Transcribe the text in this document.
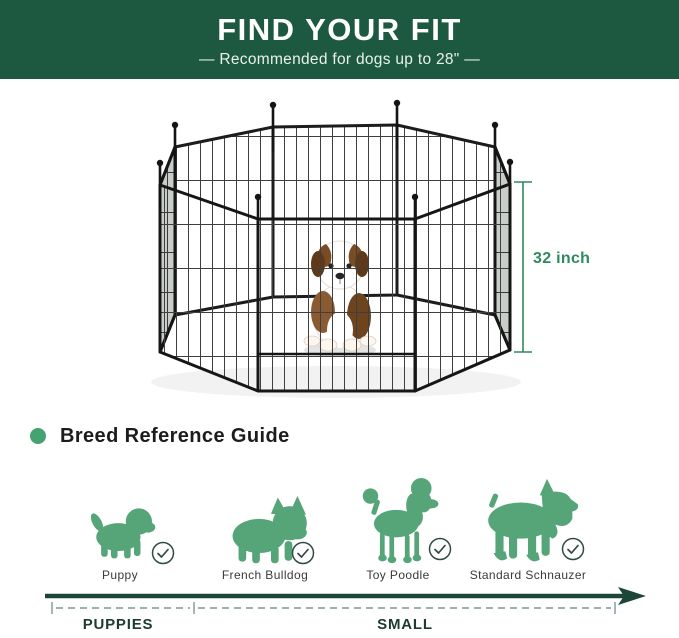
FIND YOUR FIT
— Recommended for dogs up to 28" —
32 inch
Breed Reference Guide
Puppy	French Bulldog	Toy Poodle	Standard Schnauzer
PUPPIES	SMALL
